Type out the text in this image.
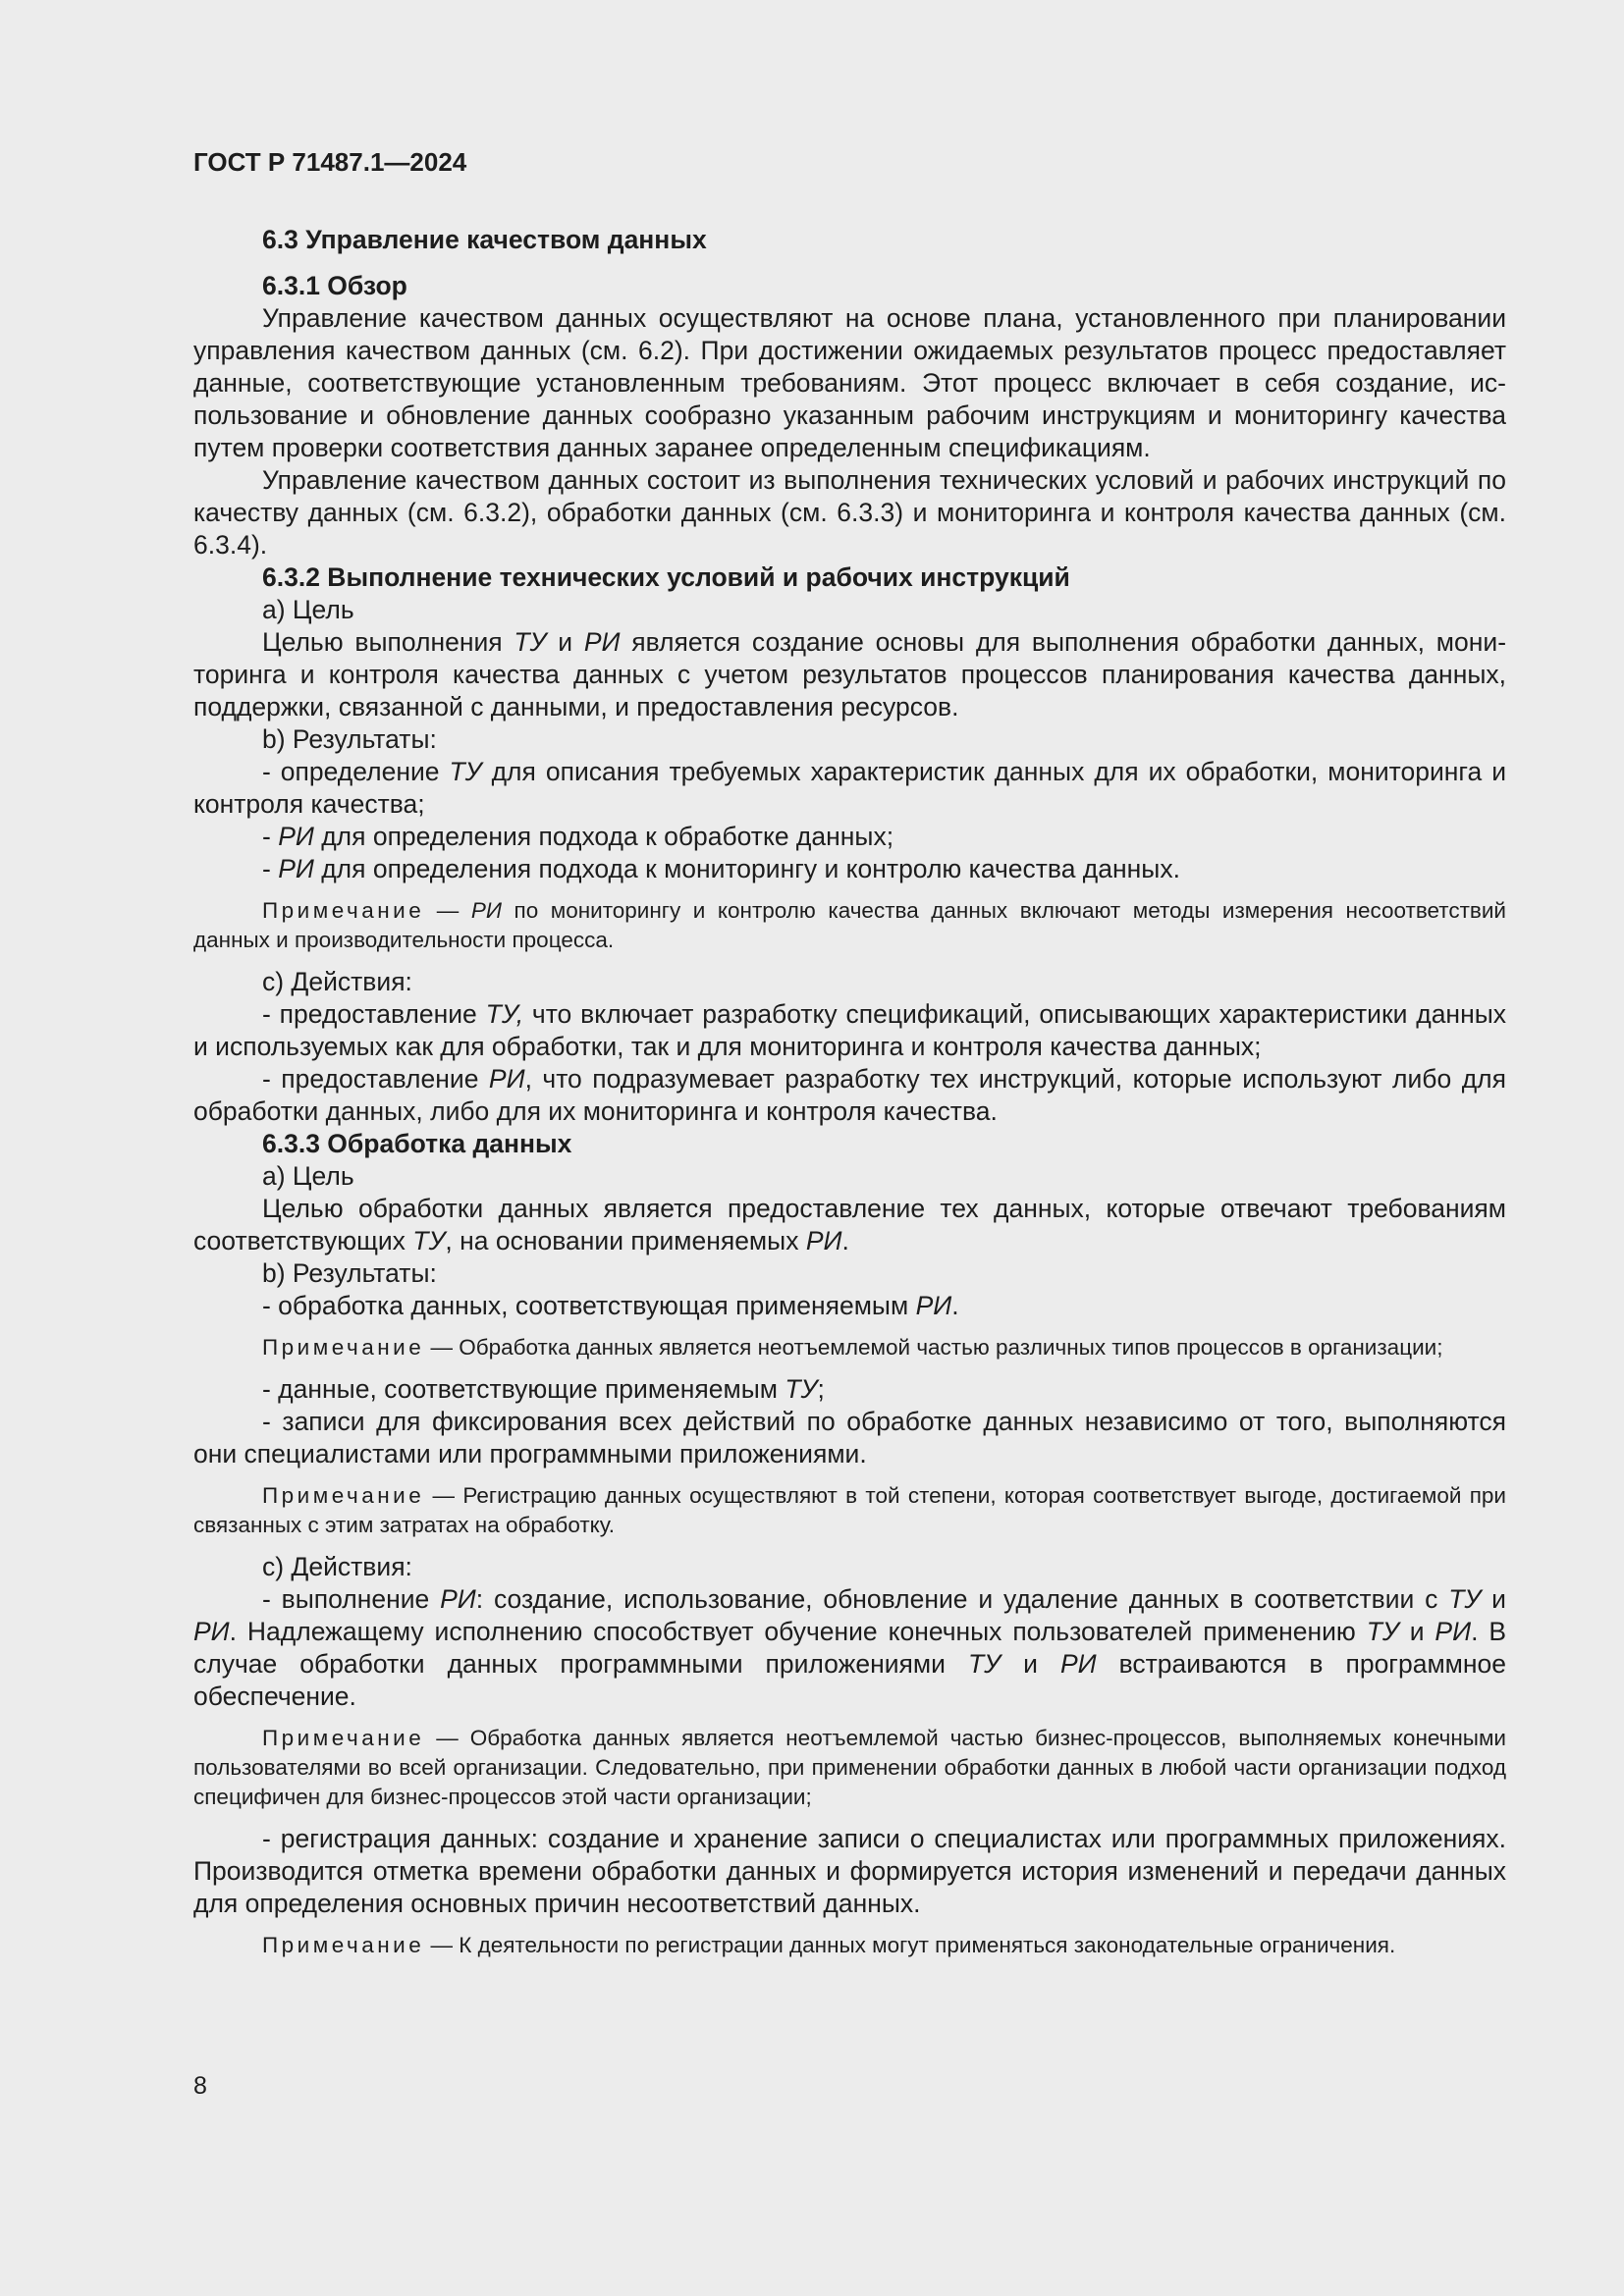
ГОСТ Р 71487.1—2024

6.3 Управление качеством данных

6.3.1 Обзор

Управление качеством данных осуществляют на основе плана, установленного при планировании управления качеством данных (см. 6.2). При достижении ожидаемых результатов процесс предоставляет данные, соответствующие установленным требованиям. Этот процесс включает в себя создание, использование и обновление данных сообразно указанным рабочим инструкциям и мониторингу качества путем проверки соответствия данных заранее определенным спецификациям.

Управление качеством данных состоит из выполнения технических условий и рабочих инструкций по качеству данных (см. 6.3.2), обработки данных (см. 6.3.3) и мониторинга и контроля качества данных (см. 6.3.4).

6.3.2 Выполнение технических условий и рабочих инструкций

a) Цель

Целью выполнения ТУ и РИ является создание основы для выполнения обработки данных, мониторинга и контроля качества данных с учетом результатов процессов планирования качества данных, поддержки, связанной с данными, и предоставления ресурсов.

b) Результаты:

- определение ТУ для описания требуемых характеристик данных для их обработки, мониторинга и контроля качества;

- РИ для определения подхода к обработке данных;

- РИ для определения подхода к мониторингу и контролю качества данных.

Примечание — РИ по мониторингу и контролю качества данных включают методы измерения несоответствий данных и производительности процесса.

c) Действия:

- предоставление ТУ, что включает разработку спецификаций, описывающих характеристики данных и используемых как для обработки, так и для мониторинга и контроля качества данных;

- предоставление РИ, что подразумевает разработку тех инструкций, которые используют либо для обработки данных, либо для их мониторинга и контроля качества.

6.3.3 Обработка данных

a) Цель

Целью обработки данных является предоставление тех данных, которые отвечают требованиям соответствующих ТУ, на основании применяемых РИ.

b) Результаты:

- обработка данных, соответствующая применяемым РИ.

Примечание — Обработка данных является неотъемлемой частью различных типов процессов в организации;

- данные, соответствующие применяемым ТУ;

- записи для фиксирования всех действий по обработке данных независимо от того, выполняются они специалистами или программными приложениями.

Примечание — Регистрацию данных осуществляют в той степени, которая соответствует выгоде, достигаемой при связанных с этим затратах на обработку.

c) Действия:

- выполнение РИ: создание, использование, обновление и удаление данных в соответствии с ТУ и РИ. Надлежащему исполнению способствует обучение конечных пользователей применению ТУ и РИ. В случае обработки данных программными приложениями ТУ и РИ встраиваются в программное обеспечение.

Примечание — Обработка данных является неотъемлемой частью бизнес-процессов, выполняемых конечными пользователями во всей организации. Следовательно, при применении обработки данных в любой части организации подход специфичен для бизнес-процессов этой части организации;

- регистрация данных: создание и хранение записи о специалистах или программных приложениях. Производится отметка времени обработки данных и формируется история изменений и передачи данных для определения основных причин несоответствий данных.

Примечание — К деятельности по регистрации данных могут применяться законодательные ограничения.

8
